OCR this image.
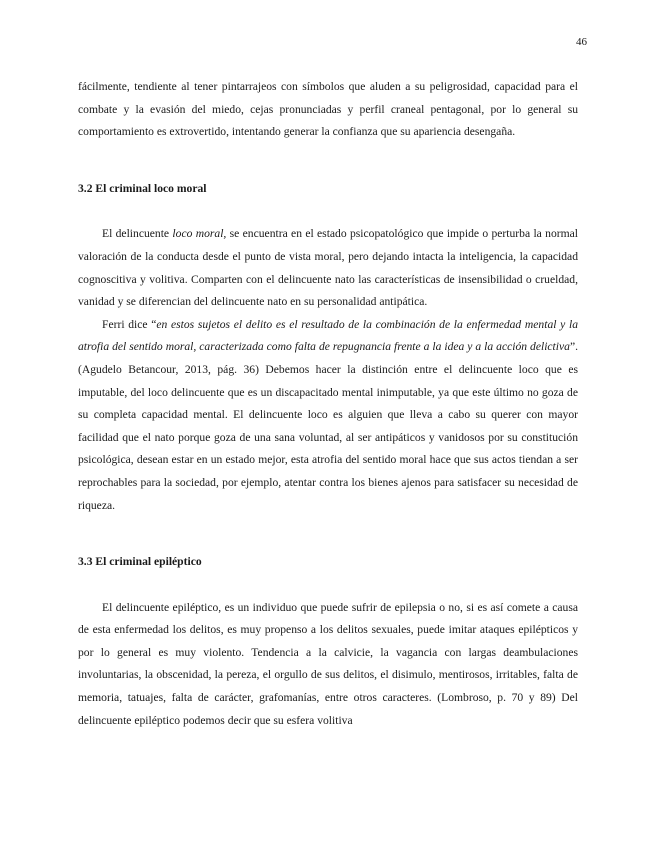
46

fácilmente, tendiente al tener pintarrajeos con símbolos que aluden a su peligrosidad, capacidad para el combate y la evasión del miedo, cejas pronunciadas y perfil craneal pentagonal, por lo general su comportamiento es extrovertido, intentando generar la confianza que su apariencia desengaña.

3.2 El criminal loco moral

El delincuente loco moral, se encuentra en el estado psicopatológico que impide o perturba la normal valoración de la conducta desde el punto de vista moral, pero dejando intacta la inteligencia, la capacidad cognoscitiva y volitiva. Comparten con el delincuente nato las características de insensibilidad o crueldad, vanidad y se diferencian del delincuente nato en su personalidad antipática.

Ferri dice “en estos sujetos el delito es el resultado de la combinación de la enfermedad mental y la atrofia del sentido moral, caracterizada como falta de repugnancia frente a la idea y a la acción delictiva”. (Agudelo Betancour, 2013, pág. 36) Debemos hacer la distinción entre el delincuente loco que es imputable, del loco delincuente que es un discapacitado mental inimputable, ya que este último no goza de su completa capacidad mental. El delincuente loco es alguien que lleva a cabo su querer con mayor facilidad que el nato porque goza de una sana voluntad, al ser antipáticos y vanidosos por su constitución psicológica, desean estar en un estado mejor, esta atrofia del sentido moral hace que sus actos tiendan a ser reprochables para la sociedad, por ejemplo, atentar contra los bienes ajenos para satisfacer su necesidad de riqueza.

3.3 El criminal epiléptico

El delincuente epiléptico, es un individuo que puede sufrir de epilepsia o no, si es así comete a causa de esta enfermedad los delitos, es muy propenso a los delitos sexuales, puede imitar ataques epilépticos y por lo general es muy violento. Tendencia a la calvicie, la vagancia con largas deambulaciones involuntarias, la obscenidad, la pereza, el orgullo de sus delitos, el disimulo, mentirosos, irritables, falta de memoria, tatuajes, falta de carácter, grafomanías, entre otros caracteres. (Lombroso, p. 70 y 89) Del delincuente epiléptico podemos decir que su esfera volitiva
